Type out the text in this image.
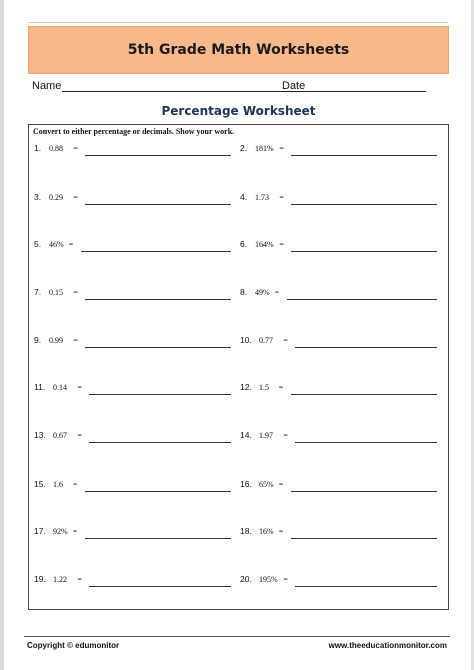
5th Grade Math Worksheets
Name	Date
Percentage Worksheet
Convert to either percentage or decimals. Show your work.
1. 0.88 =	2. 181% =
3. 0.29 =	4. 1.73 =
5. 46% =	6. 164% =
7. 0.15 =	8. 49% =
9. 0.99 =	10. 0.77 =
11. 0.14 =	12. 1.5 =
13. 0.67 =	14. 1.97 =
15. 1.6 =	16. 65% =
17. 92% =	18. 16% =
19. 1.22 =	20. 195% =
Copyright © edumonitor	www.theeducationmonitor.com
